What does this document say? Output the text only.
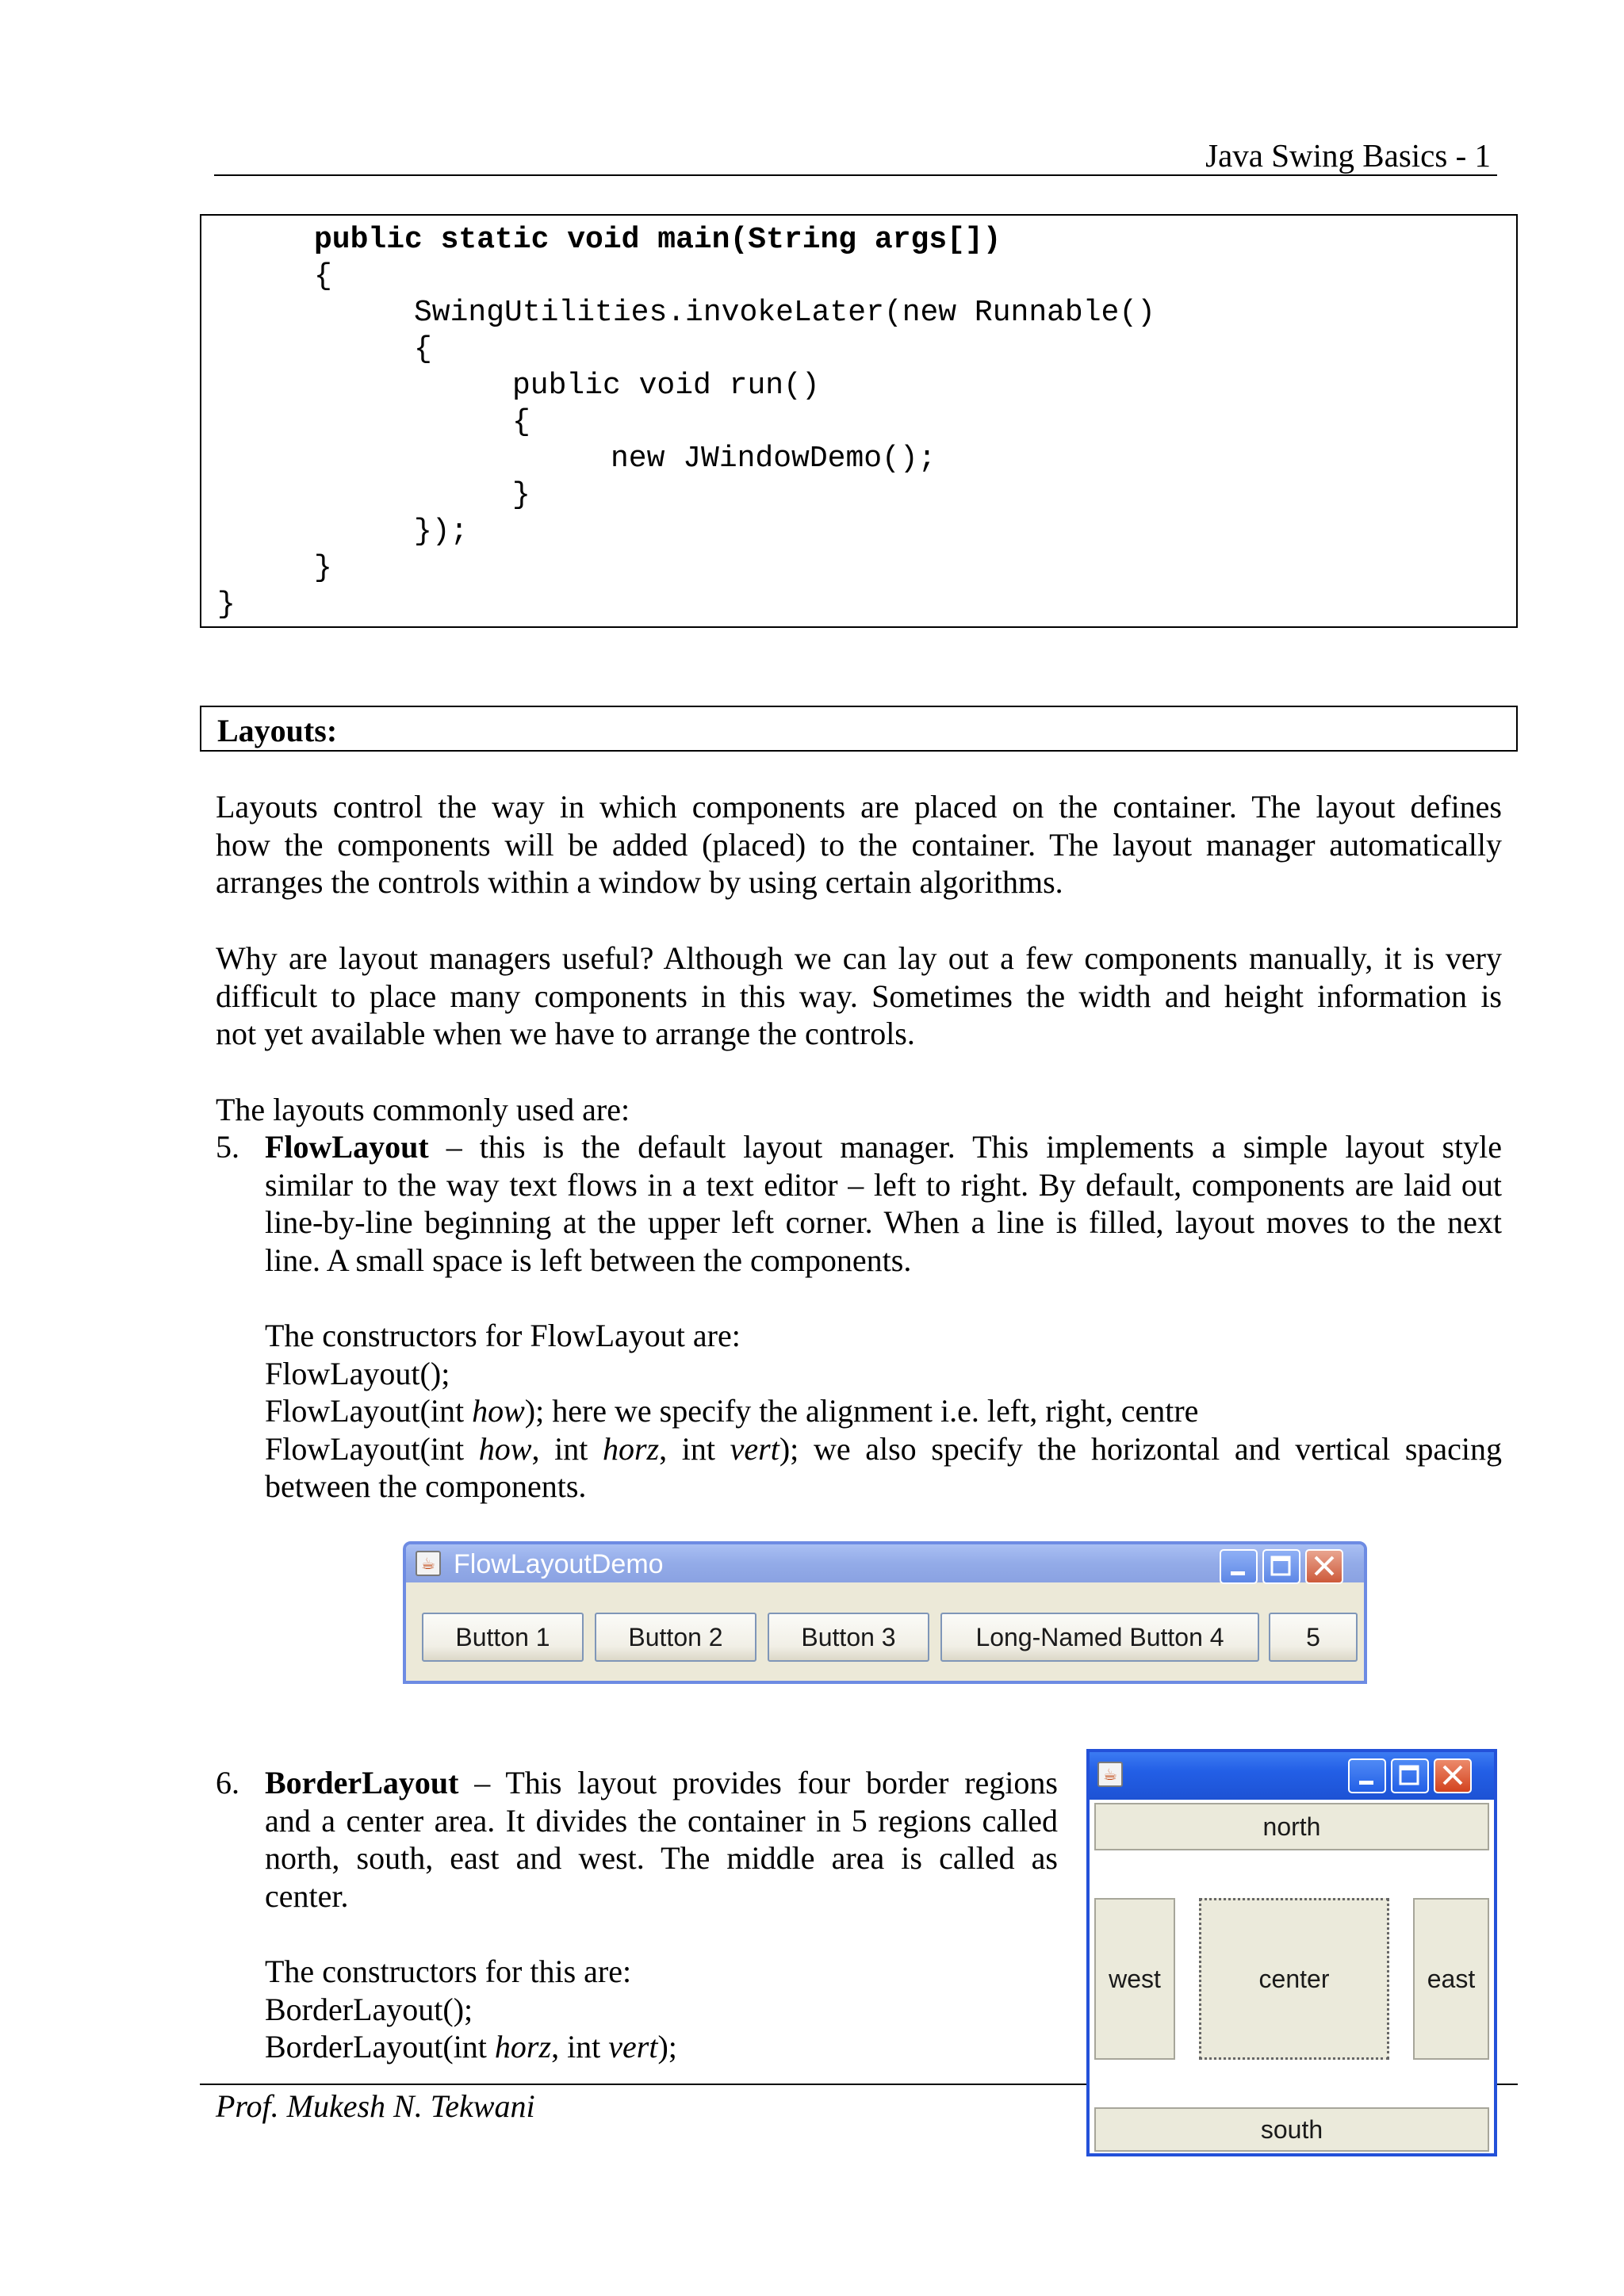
Java Swing Basics - 1
public static void main(String args[])
{
SwingUtilities.invokeLater(new Runnable()
{
public void run()
{
new JWindowDemo();
}
});
}
}
Layouts:
Layouts control the way in which components are placed on the container. The layout defines
how the components will be added (placed) to the container. The layout manager automatically
arranges the controls within a window by using certain algorithms.
Why are layout managers useful? Although we can lay out a few components manually, it is very
difficult to place many components in this way. Sometimes the width and height information is
not yet available when we have to arrange the controls.
The layouts commonly used are:
5. FlowLayout – this is the default layout manager. This implements a simple layout style
similar to the way text flows in a text editor – left to right. By default, components are laid out
line-by-line beginning at the upper left corner. When a line is filled, layout moves to the next
line. A small space is left between the components.
The constructors for FlowLayout are:
FlowLayout();
FlowLayout(int how); here we specify the alignment i.e. left, right, centre
FlowLayout(int how, int horz, int vert); we also specify the horizontal and vertical spacing
between the components.
☕ FlowLayoutDemo
Button 1	Button 2	Button 3	Long-Named Button 4	5
6. BorderLayout – This layout provides four border regions
and a center area. It divides the container in 5 regions called
north, south, east and west. The middle area is called as
center.
The constructors for this are:
BorderLayout();
BorderLayout(int horz, int vert);
Prof. Mukesh N. Tekwani
☕
north
west	center	east
south
